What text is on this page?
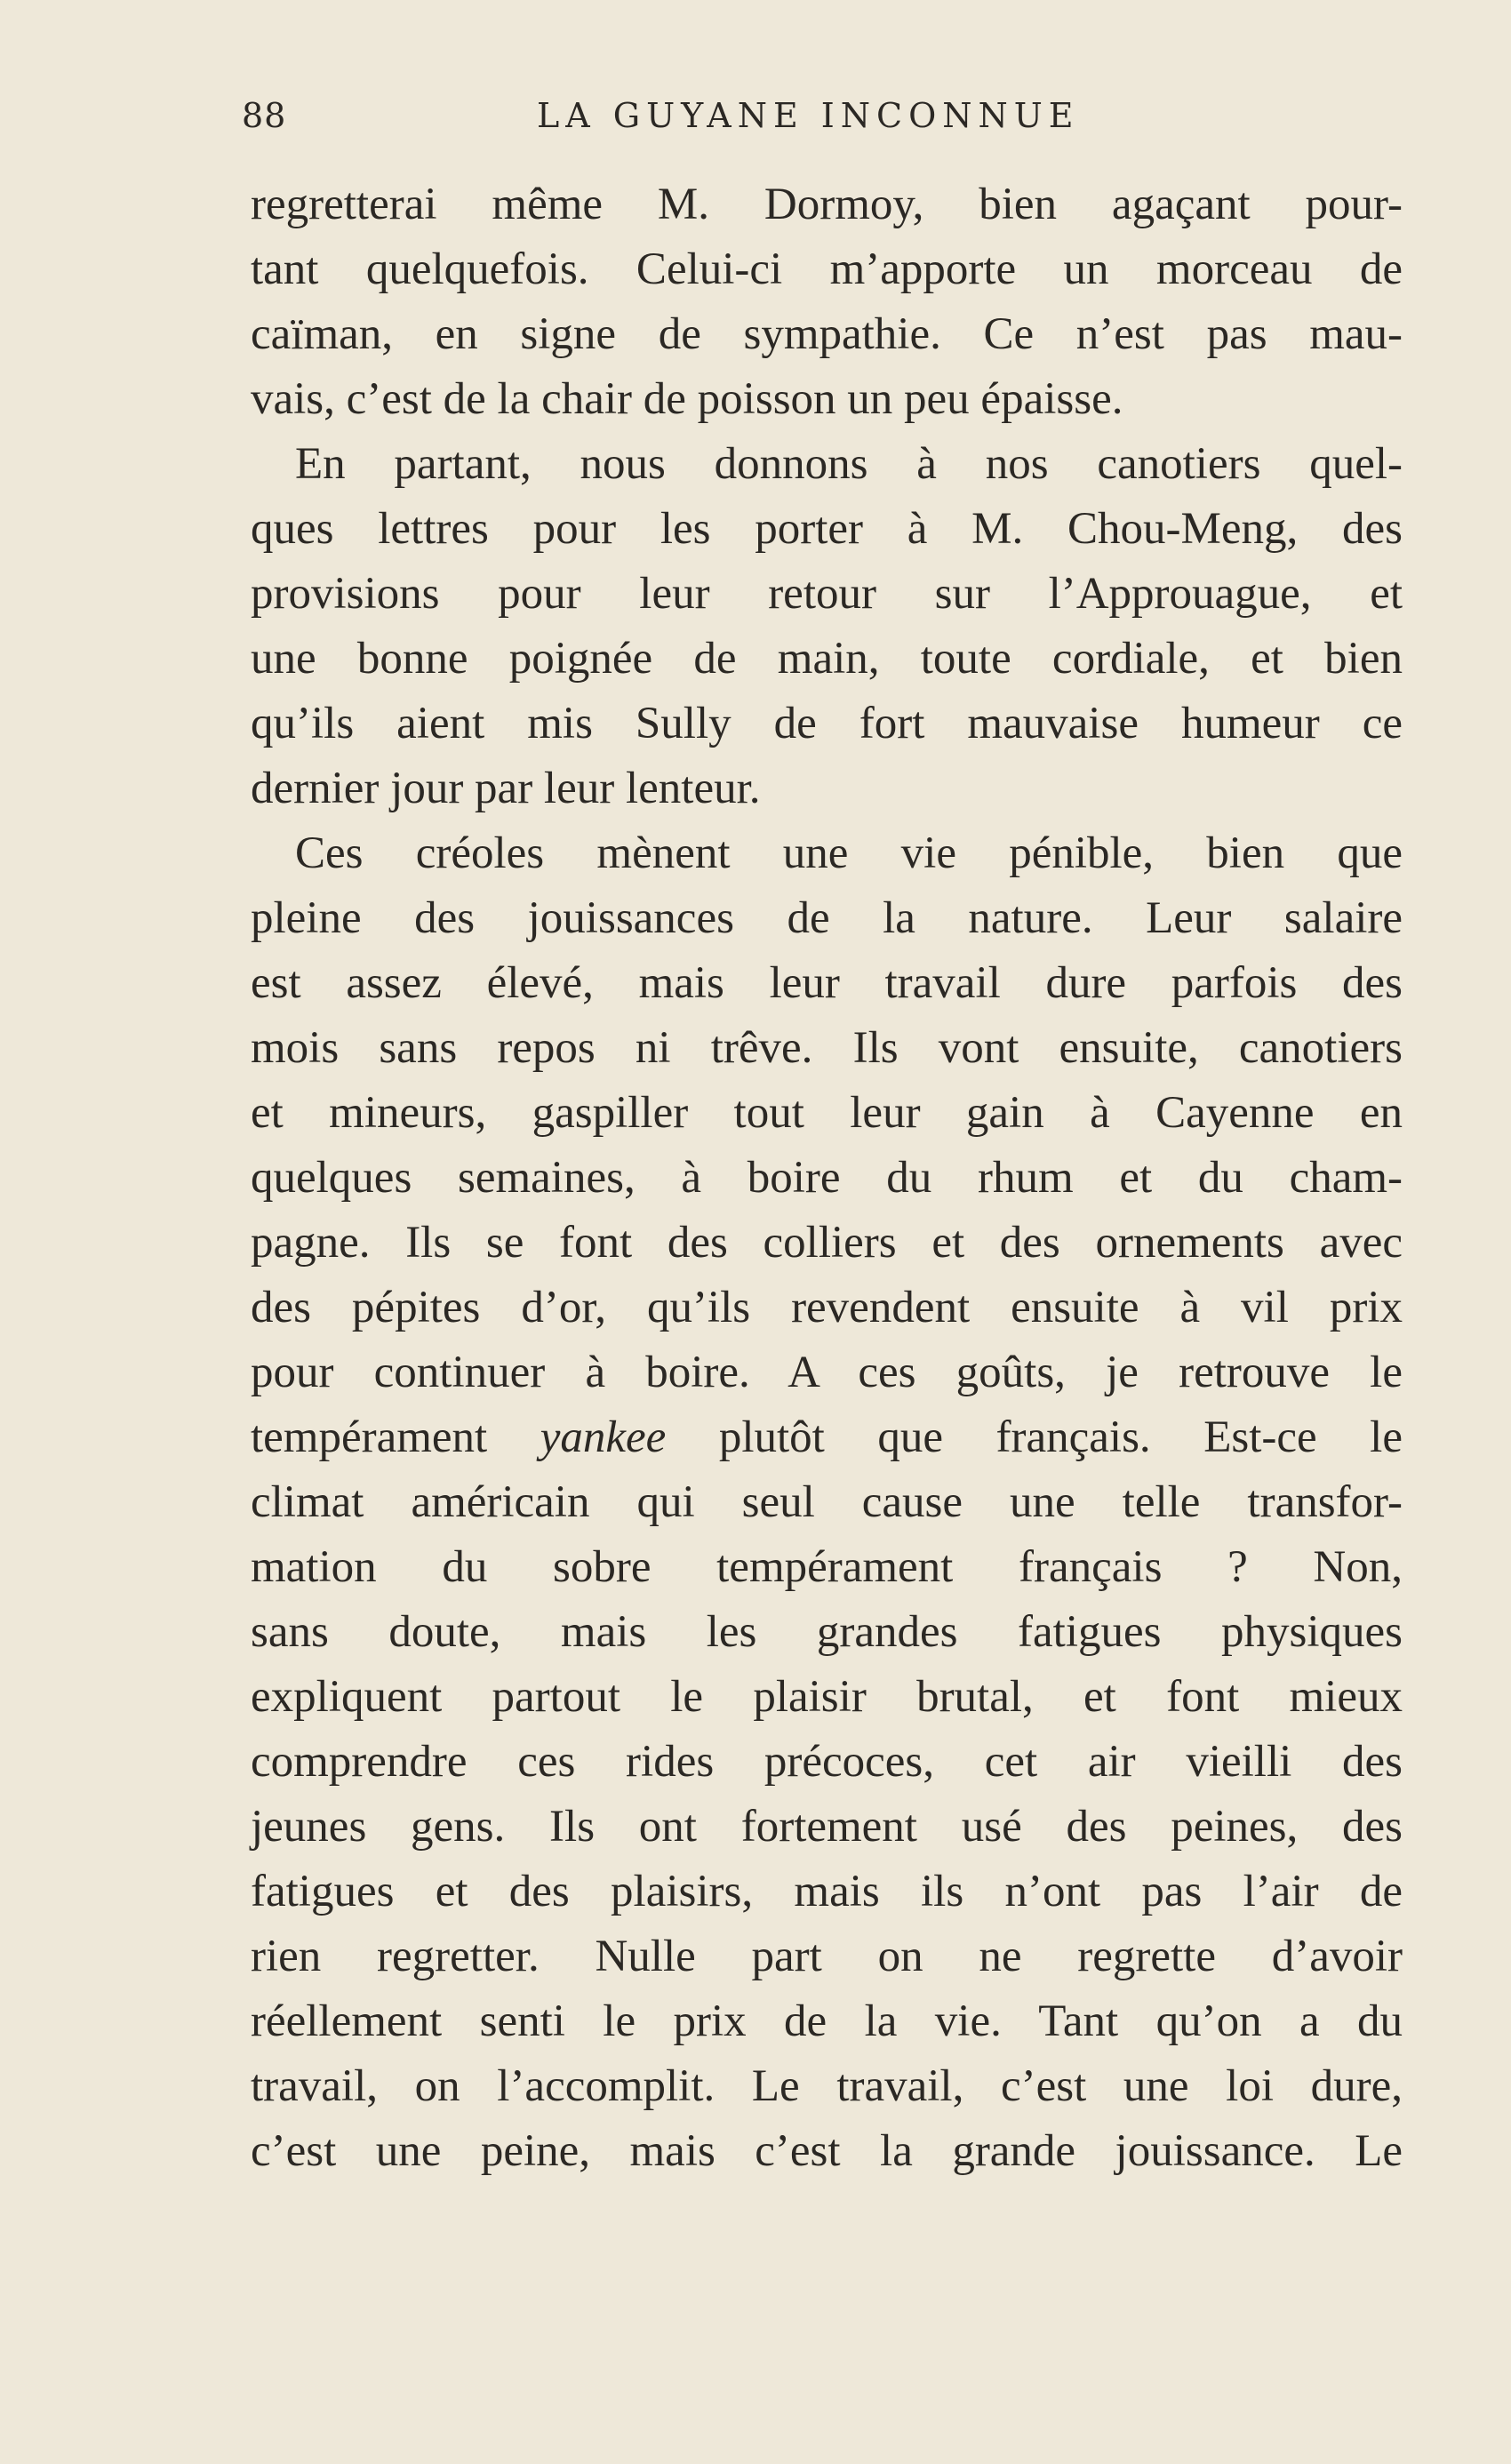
88	LA GUYANE INCONNUE
regretterai même M. Dormoy, bien agaçant pour-
tant quelquefois. Celui-ci m’apporte un morceau de
caïman, en signe de sympathie. Ce n’est pas mau-
vais, c’est de la chair de poisson un peu épaisse.
En partant, nous donnons à nos canotiers quel-
ques lettres pour les porter à M. Chou-Meng, des
provisions pour leur retour sur l’Approuague, et
une bonne poignée de main, toute cordiale, et bien
qu’ils aient mis Sully de fort mauvaise humeur ce
dernier jour par leur lenteur.
Ces créoles mènent une vie pénible, bien que
pleine des jouissances de la nature. Leur salaire
est assez élevé, mais leur travail dure parfois des
mois sans repos ni trêve. Ils vont ensuite, canotiers
et mineurs, gaspiller tout leur gain à Cayenne en
quelques semaines, à boire du rhum et du cham-
pagne. Ils se font des colliers et des ornements avec
des pépites d’or, qu’ils revendent ensuite à vil prix
pour continuer à boire. A ces goûts, je retrouve le
tempérament yankee plutôt que français. Est-ce le
climat américain qui seul cause une telle transfor-
mation du sobre tempérament français ? Non,
sans doute, mais les grandes fatigues physiques
expliquent partout le plaisir brutal, et font mieux
comprendre ces rides précoces, cet air vieilli des
jeunes gens. Ils ont fortement usé des peines, des
fatigues et des plaisirs, mais ils n’ont pas l’air de
rien regretter. Nulle part on ne regrette d’avoir
réellement senti le prix de la vie. Tant qu’on a du
travail, on l’accomplit. Le travail, c’est une loi dure,
c’est une peine, mais c’est la grande jouissance. Le
